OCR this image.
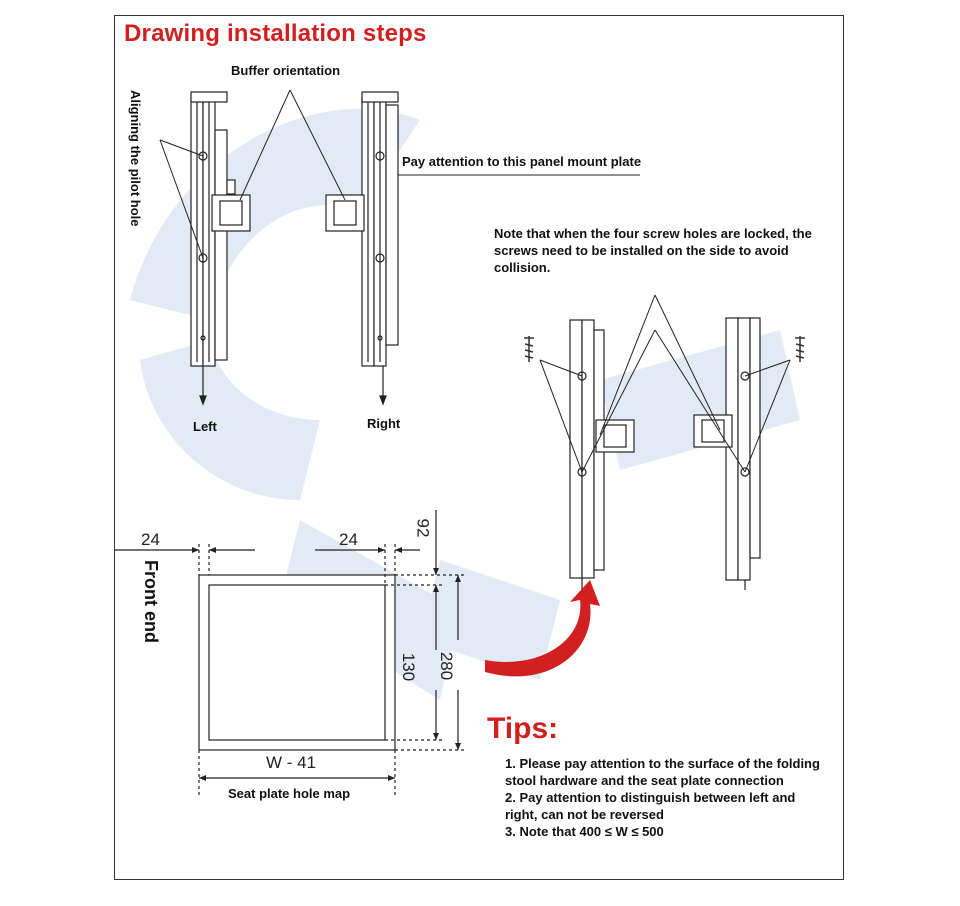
Drawing installation steps
Buffer orientation
Aligning the pilot hole	Pay attention to this panel mount plate
Left	Right
Note that when the four screw holes are locked, the screws need to be installed on the side to avoid collision.
24	24
92
130 280
W - 41
Front end
Seat plate hole map
Tips:
1. Please pay attention to the surface of the folding stool hardware and the seat plate connection
2. Pay attention to distinguish between left and right, can not be reversed
3. Note that 400 ≤ W ≤ 500
